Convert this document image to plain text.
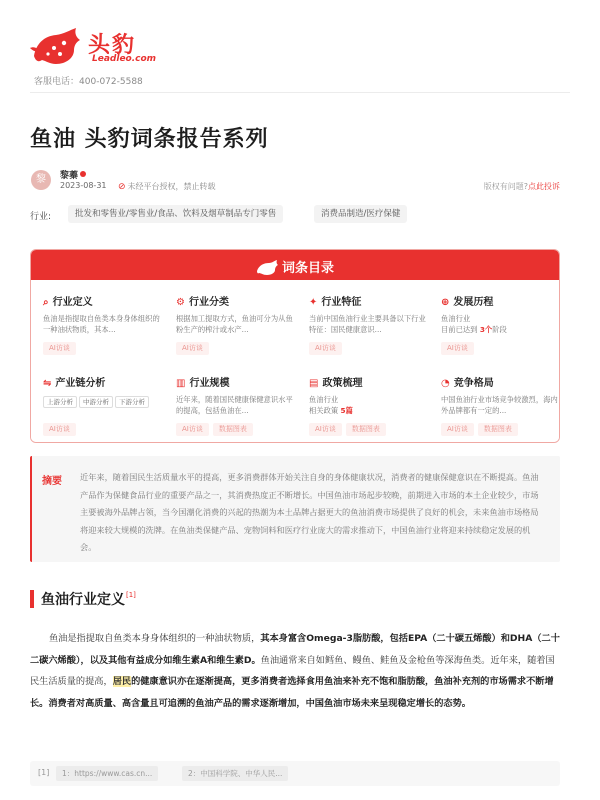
头豹
Leadleo.com
客服电话：400-072-5588
鱼油 头豹词条报告系列
黎	黎蓁
2023-08-31 ⊘ 未经平台授权，禁止转载	版权有问题?点此投诉
行业:	批发和零售业/零售业/食品、饮料及烟草制品专门零售	消费品制造/医疗保健
词条目录
⌕ 行业定义
鱼油是指提取自鱼类本身身体组织的一种油状物质，其本...
AI访谈
⚙ 行业分类
根据加工提取方式，鱼油可分为从鱼粉生产的榨汁或水产...
AI访谈
✦ 行业特征
当前中国鱼油行业主要具备以下行业特征：国民健康意识...
AI访谈
⊕ 发展历程
鱼油行业
目前已达到 3个阶段
AI访谈
⇋ 产业链分析
上游分析 中游分析 下游分析
AI访谈
▥ 行业规模
近年来，随着国民健康保健意识水平的提高，包括鱼油在...
AI访谈 数据图表
▤ 政策梳理
鱼油行业
相关政策 5篇
AI访谈 数据图表
◔ 竞争格局
中国鱼油行业市场竞争较激烈，海内外品牌都有一定的...
AI访谈 数据图表
摘要 近年来，随着国民生活质量水平的提高，更多消费群体开始关注自身的身体健康状况，消费者的健康保健意识在不断提高。鱼油产品作为保健食品行业的重要产品之一，其消费热度正不断增长。中国鱼油市场起步较晚，前期进入市场的本土企业较少，市场主要被海外品牌占领，当今国潮化消费的兴起的热潮为本土品牌占据更大的鱼油消费市场提供了良好的机会，未来鱼油市场格局将迎来较大规模的洗牌。在鱼油类保健产品、宠物饲料和医疗行业庞大的需求推动下，中国鱼油行业将迎来持续稳定发展的机会。
鱼油行业定义[1]

鱼油是指提取自鱼类本身身体组织的一种油状物质，其本身富含Omega-3脂肪酸，包括EPA（二十碳五烯酸）和DHA（二十二碳六烯酸），以及其他有益成分如维生素A和维生素D。鱼油通常来自如鳕鱼、鳗鱼、鲑鱼及金枪鱼等深海鱼类。近年来，随着国民生活质量的提高，居民的健康意识亦在逐渐提高，更多消费者选择食用鱼油来补充不饱和脂肪酸，鱼油补充剂的市场需求不断增长。消费者对高质量、高含量且可追溯的鱼油产品的需求逐渐增加，中国鱼油市场未来呈现稳定增长的态势。

[1]	1：https://www.cas.cn...	2：中国科学院、中华人民...
